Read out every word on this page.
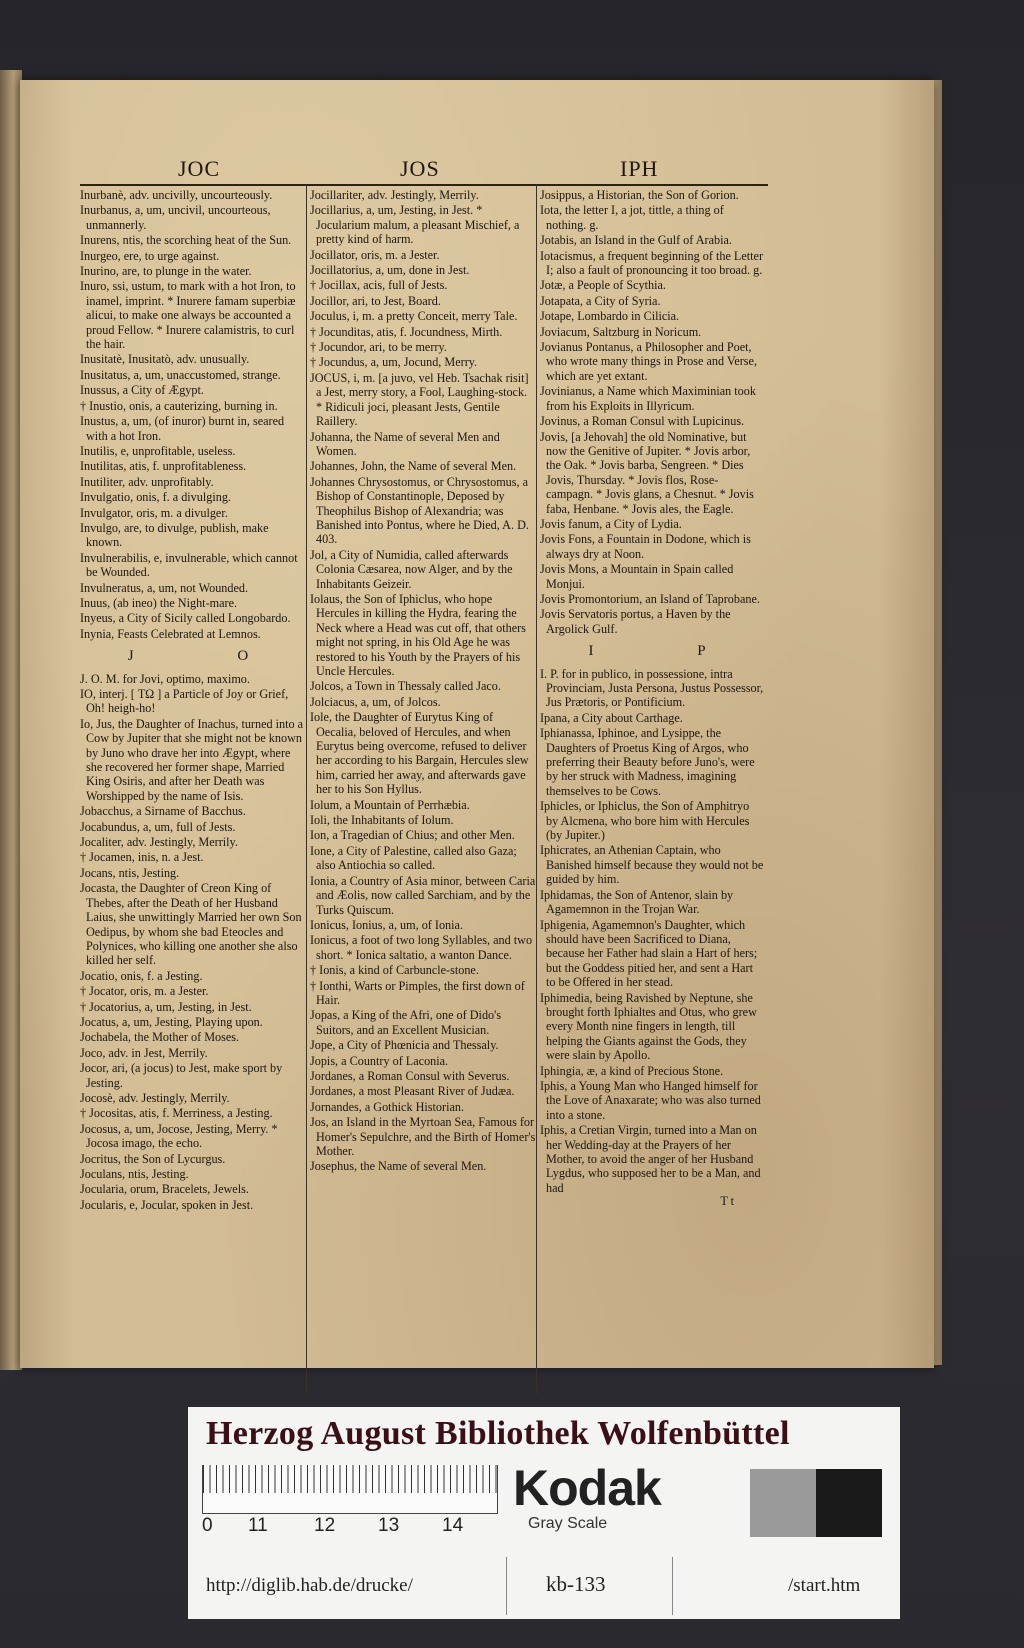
JOC	JOS	IPH
Inurbanè, adv. uncivilly, uncourteously.
Inurbanus, a, um, uncivil, uncourteous, unmannerly.
Inurens, ntis, the scorching heat of the Sun.
Inurgeo, ere, to urge against.
Inurino, are, to plunge in the water.
Inuro, ssi, ustum, to mark with a hot Iron, to inamel, imprint. * Inurere famam superbiæ alicui, to make one always be accounted a proud Fellow. * Inurere calamistris, to curl the hair.
Inusitatè, Inusitatò, adv. unusually.
Inusitatus, a, um, unaccustomed, strange.
Inussus, a City of Ægypt.
† Inustio, onis, a cauterizing, burning in.
Inustus, a, um, (of inuror) burnt in, seared with a hot Iron.
Inutilis, e, unprofitable, useless.
Inutilitas, atis, f. unprofitableness.
Inutiliter, adv. unprofitably.
Invulgatio, onis, f. a divulging.
Invulgator, oris, m. a divulger.
Invulgo, are, to divulge, publish, make known.
Invulnerabilis, e, invulnerable, which cannot be Wounded.
Invulneratus, a, um, not Wounded.
Inuus, (ab ineo) the Night-mare.
Inyeus, a City of Sicily called Longobardo.
Inynia, Feasts Celebrated at Lemnos.
J O
J. O. M. for Jovi, optimo, maximo.
IO, interj. [ ΤΩ ] a Particle of Joy or Grief, Oh! heigh-ho!
Io, Jus, the Daughter of Inachus, turned into a Cow by Jupiter that she might not be known by Juno who drave her into Ægypt, where she recovered her former shape, Married King Osiris, and after her Death was Worshipped by the name of Isis.
Jobacchus, a Sirname of Bacchus.
Jocabundus, a, um, full of Jests.
Jocaliter, adv. Jestingly, Merrily.
† Jocamen, inis, n. a Jest.
Jocans, ntis, Jesting.
Jocasta, the Daughter of Creon King of Thebes, after the Death of her Husband Laius, she unwittingly Married her own Son Oedipus, by whom she bad Eteocles and Polynices, who killing one another she also killed her self.
Jocatio, onis, f. a Jesting.
† Jocator, oris, m. a Jester.
† Jocatorius, a, um, Jesting, in Jest.
Jocatus, a, um, Jesting, Playing upon.
Jochabela, the Mother of Moses.
Joco, adv. in Jest, Merrily.
Jocor, ari, (a jocus) to Jest, make sport by Jesting.
Jocosè, adv. Jestingly, Merrily.
† Jocositas, atis, f. Merriness, a Jesting.
Jocosus, a, um, Jocose, Jesting, Merry. * Jocosa imago, the echo.
Jocritus, the Son of Lycurgus.
Joculans, ntis, Jesting.
Jocularia, orum, Bracelets, Jewels.
Jocularis, e, Jocular, spoken in Jest.
Jocillariter, adv. Jestingly, Merrily.
Jocillarius, a, um, Jesting, in Jest. * Jocularium malum, a pleasant Mischief, a pretty kind of harm.
Jocillator, oris, m. a Jester.
Jocillatorius, a, um, done in Jest.
† Jocillax, acis, full of Jests.
Jocillor, ari, to Jest, Board.
Joculus, i, m. a pretty Conceit, merry Tale.
† Jocunditas, atis, f. Jocundness, Mirth.
† Jocundor, ari, to be merry.
† Jocundus, a, um, Jocund, Merry.
JOCUS, i, m. [a juvo, vel Heb. Tsachak risit] a Jest, merry story, a Fool, Laughing-stock. * Ridiculi joci, pleasant Jests, Gentile Raillery.
Johanna, the Name of several Men and Women.
Johannes, John, the Name of several Men.
Johannes Chrysostomus, or Chrysostomus, a Bishop of Constantinople, Deposed by Theophilus Bishop of Alexandria; was Banished into Pontus, where he Died, A. D. 403.
Jol, a City of Numidia, called afterwards Colonia Cæsarea, now Alger, and by the Inhabitants Geizeir.
Iolaus, the Son of Iphiclus, who hope Hercules in killing the Hydra, fearing the Neck where a Head was cut off, that others might not spring, in his Old Age he was restored to his Youth by the Prayers of his Uncle Hercules.
Jolcos, a Town in Thessaly called Jaco.
Jolciacus, a, um, of Jolcos.
Iole, the Daughter of Eurytus King of Oecalia, beloved of Hercules, and when Eurytus being overcome, refused to deliver her according to his Bargain, Hercules slew him, carried her away, and afterwards gave her to his Son Hyllus.
Iolum, a Mountain of Perrhæbia.
Ioli, the Inhabitants of Iolum.
Ion, a Tragedian of Chius; and other Men.
Ione, a City of Palestine, called also Gaza; also Antiochia so called.
Ionia, a Country of Asia minor, between Caria and Æolis, now called Sarchiam, and by the Turks Quiscum.
Ionicus, Ionius, a, um, of Ionia.
Ionicus, a foot of two long Syllables, and two short. * Ionica saltatio, a wanton Dance.
† Ionis, a kind of Carbuncle-stone.
† Ionthi, Warts or Pimples, the first down of Hair.
Jopas, a King of the Afri, one of Dido's Suitors, and an Excellent Musician.
Jope, a City of Phœnicia and Thessaly.
Jopis, a Country of Laconia.
Jordanes, a Roman Consul with Severus.
Jordanes, a most Pleasant River of Judæa.
Jornandes, a Gothick Historian.
Jos, an Island in the Myrtoan Sea, Famous for Homer's Sepulchre, and the Birth of Homer's Mother.
Josephus, the Name of several Men.
Josippus, a Historian, the Son of Gorion.
Iota, the letter I, a jot, tittle, a thing of nothing. g.
Jotabis, an Island in the Gulf of Arabia.
Iotacismus, a frequent beginning of the Letter I; also a fault of pronouncing it too broad. g.
Jotæ, a People of Scythia.
Jotapata, a City of Syria.
Jotape, Lombardo in Cilicia.
Joviacum, Saltzburg in Noricum.
Jovianus Pontanus, a Philosopher and Poet, who wrote many things in Prose and Verse, which are yet extant.
Jovinianus, a Name which Maximinian took from his Exploits in Illyricum.
Jovinus, a Roman Consul with Lupicinus.
Jovis, [a Jehovah] the old Nominative, but now the Genitive of Jupiter. * Jovis arbor, the Oak. * Jovis barba, Sengreen. * Dies Jovis, Thursday. * Jovis flos, Rose-campagn. * Jovis glans, a Chesnut. * Jovis faba, Henbane. * Jovis ales, the Eagle.
Jovis fanum, a City of Lydia.
Jovis Fons, a Fountain in Dodone, which is always dry at Noon.
Jovis Mons, a Mountain in Spain called Monjui.
Jovis Promontorium, an Island of Taprobane.
Jovis Servatoris portus, a Haven by the Argolick Gulf.
I P
I. P. for in publico, in possessione, intra Provinciam, Justa Persona, Justus Possessor, Jus Prætoris, or Pontificium.
Ipana, a City about Carthage.
Iphianassa, Iphinoe, and Lysippe, the Daughters of Proetus King of Argos, who preferring their Beauty before Juno's, were by her struck with Madness, imagining themselves to be Cows.
Iphicles, or Iphiclus, the Son of Amphitryo by Alcmena, who bore him with Hercules (by Jupiter.)
Iphicrates, an Athenian Captain, who Banished himself because they would not be guided by him.
Iphidamas, the Son of Antenor, slain by Agamemnon in the Trojan War.
Iphigenia, Agamemnon's Daughter, which should have been Sacrificed to Diana, because her Father had slain a Hart of hers; but the Goddess pitied her, and sent a Hart to be Offered in her stead.
Iphimedia, being Ravished by Neptune, she brought forth Iphialtes and Otus, who grew every Month nine fingers in length, till helping the Giants against the Gods, they were slain by Apollo.
Iphingia, æ, a kind of Precious Stone.
Iphis, a Young Man who Hanged himself for the Love of Anaxarate; who was also turned into a stone.
Iphis, a Cretian Virgin, turned into a Man on her Wedding-day at the Prayers of her Mother, to avoid the anger of her Husband Lygdus, who supposed her to be a Man, and had
T t
Herzog August Bibliothek Wolfenbüttel
0 11 12 13 14
Kodak
Gray Scale
http://diglib.hab.de/drucke/	kb-133	/start.htm
